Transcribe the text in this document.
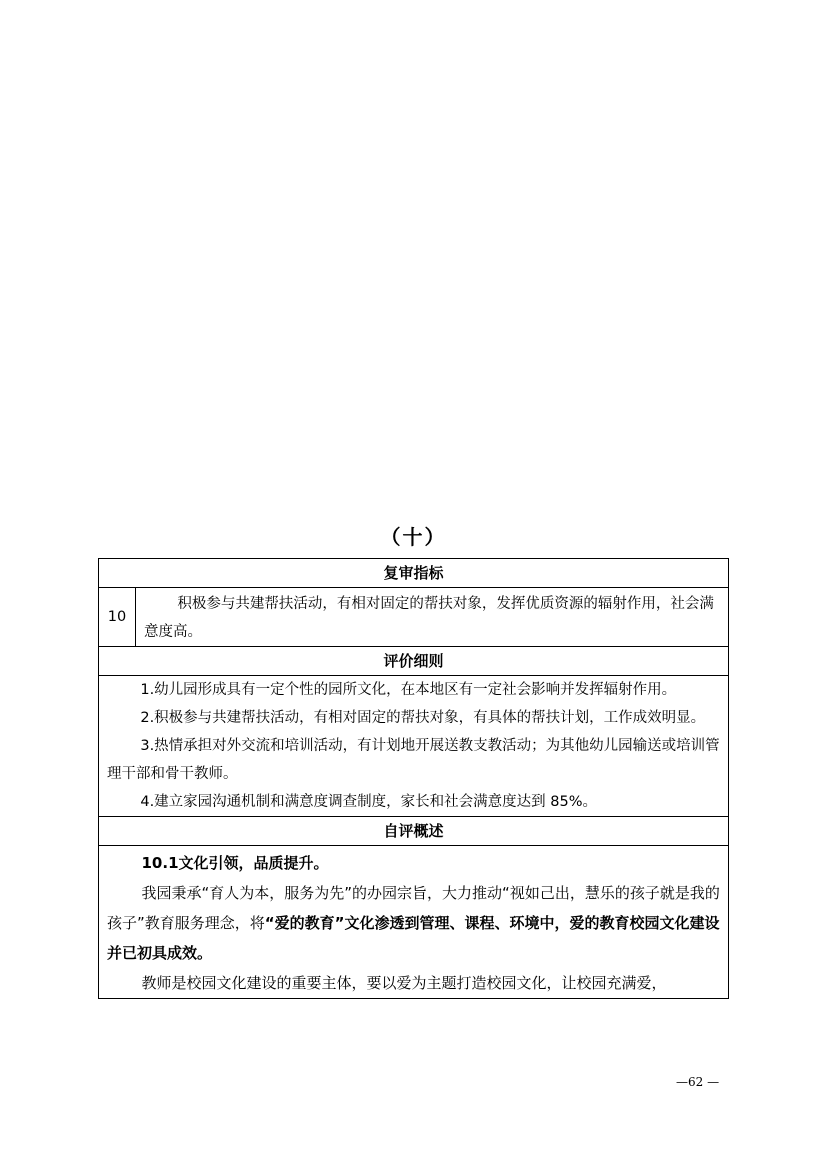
（十）
复审指标
10	积极参与共建帮扶活动，有相对固定的帮扶对象，发挥优质资源的辐射作用，社会满意度高。
评价细则

1.幼儿园形成具有一定个性的园所文化，在本地区有一定社会影响并发挥辐射作用。

2.积极参与共建帮扶活动，有相对固定的帮扶对象，有具体的帮扶计划，工作成效明显。

3.热情承担对外交流和培训活动，有计划地开展送教支教活动；为其他幼儿园输送或培训管理干部和骨干教师。

4.建立家园沟通机制和满意度调查制度，家长和社会满意度达到 85%。

自评概述

10.1文化引领，品质提升。

我园秉承“育人为本，服务为先”的办园宗旨，大力推动“视如己出，慧乐的孩子就是我的孩子”教育服务理念，将“爱的教育”文化渗透到管理、课程、环境中，爱的教育校园文化建设并已初具成效。

教师是校园文化建设的重要主体，要以爱为主题打造校园文化，让校园充满爱，

—62 —
